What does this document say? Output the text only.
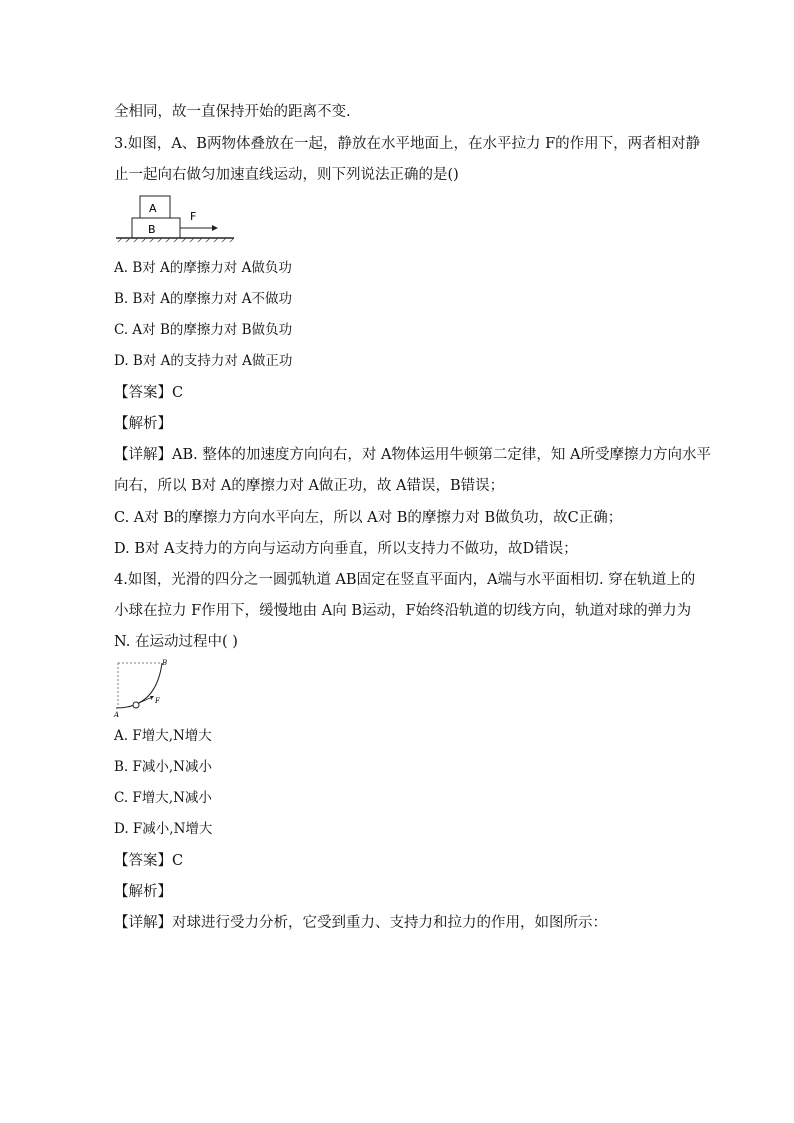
全相同，故一直保持开始的距离不变.
3.如图，A、B两物体叠放在一起，静放在水平地面上，在水平拉力 F的作用下，两者相对静
止一起向右做匀加速直线运动，则下列说法正确的是()
A
B
F
A. B对 A的摩擦力对 A做负功
B. B对 A的摩擦力对 A不做功
C. A对 B的摩擦力对 B做负功
D. B对 A的支持力对 A做正功
【答案】C
【解析】
【详解】AB. 整体的加速度方向向右，对 A物体运用牛顿第二定律，知 A所受摩擦力方向水平
向右，所以 B对 A的摩擦力对 A做正功，故 A错误，B错误；
C. A对 B的摩擦力方向水平向左，所以 A对 B的摩擦力对 B做负功，故C正确；
D. B对 A支持力的方向与运动方向垂直，所以支持力不做功，故D错误；
4.如图，光滑的四分之一圆弧轨道 AB固定在竖直平面内，A端与水平面相切. 穿在轨道上的
小球在拉力 F作用下，缓慢地由 A向 B运动，F始终沿轨道的切线方向，轨道对球的弹力为
N. 在运动过程中( )
A
B
F
A. F增大,N增大
B. F减小,N减小
C. F增大,N减小
D. F减小,N增大
【答案】C
【解析】
【详解】对球进行受力分析，它受到重力、支持力和拉力的作用，如图所示：
